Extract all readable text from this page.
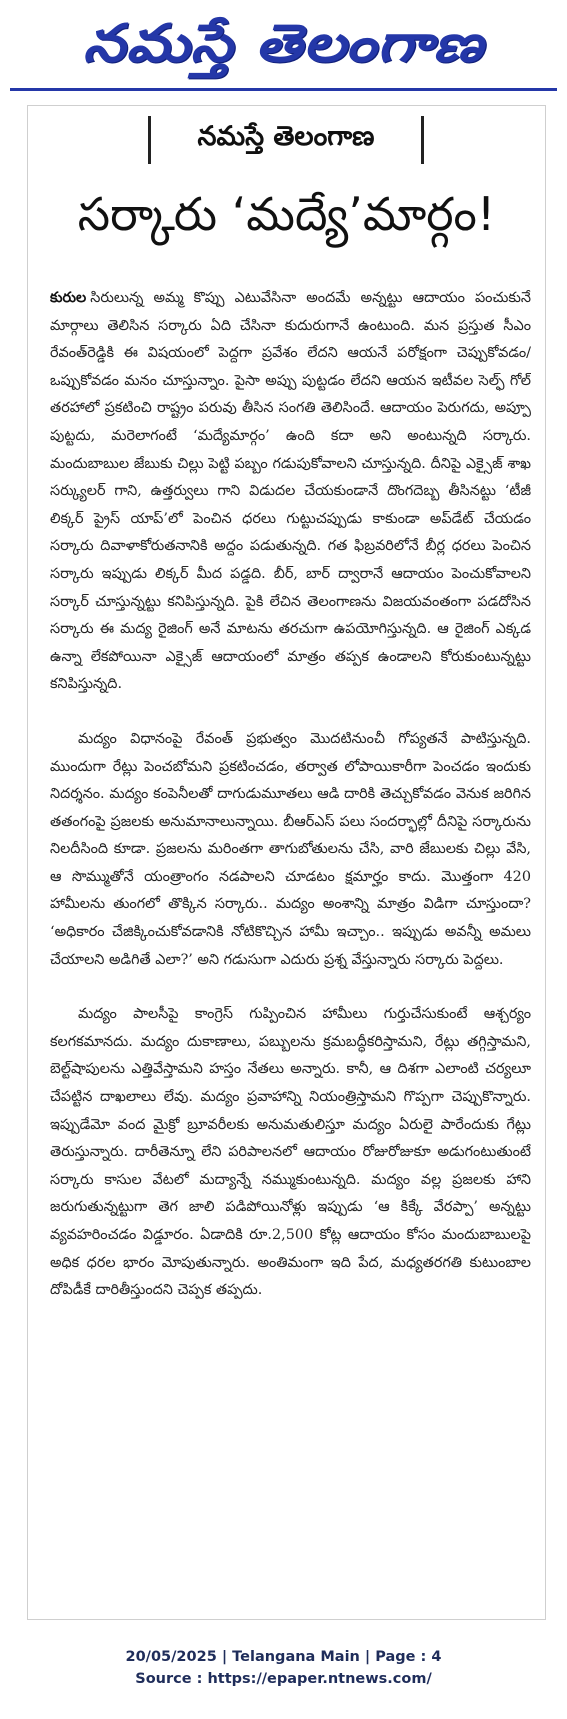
నమస్తే తెలంగాణ
నమస్తే తెలంగాణ
సర్కారు ‘మద్యే’మార్గం!

కురుల సిరులున్న అమ్మ కొప్పు ఎటువేసినా అందమే అన్నట్టు ఆదాయం పంచుకునే మార్గాలు తెలిసిన సర్కారు ఏది చేసినా కుదురుగానే ఉంటుంది. మన ప్రస్తుత సీఎం రేవంత్‌రెడ్డికి ఈ విషయంలో పెద్దగా ప్రవేశం లేదని ఆయనే పరోక్షంగా చెప్పుకోవడం/ఒప్పుకోవడం మనం చూస్తున్నాం. పైసా అప్పు పుట్టడం లేదని ఆయన ఇటీవల సెల్ఫ్ గోల్ తరహాలో ప్రకటించి రాష్ట్రం పరువు తీసిన సంగతి తెలిసిందే. ఆదాయం పెరుగదు, అప్పూ పుట్టదు, మరెలాగంటే ‘మద్యేమార్గం’ ఉంది కదా అని అంటున్నది సర్కారు. మందుబాబుల జేబుకు చిల్లు పెట్టి పబ్బం గడుపుకోవాలని చూస్తున్నది. దీనిపై ఎక్సైజ్ శాఖ సర్క్యులర్ గాని, ఉత్తర్వులు గాని విడుదల చేయకుండానే దొంగదెబ్బ తీసినట్టు ‘టీజీ లిక్కర్ ప్రైస్ యాప్’లో పెంచిన ధరలు గుట్టుచప్పుడు కాకుండా అప్‌డేట్ చేయడం సర్కారు దివాళాకోరుతనానికి అద్దం పడుతున్నది. గత ఫిబ్రవరిలోనే బీర్ల ధరలు పెంచిన సర్కారు ఇప్పుడు లిక్కర్ మీద పడ్డది. బీర్, బార్ ద్వారానే ఆదాయం పెంచుకోవాలని సర్కార్ చూస్తున్నట్టు కనిపిస్తున్నది. పైకి లేచిన తెలంగాణను విజయవంతంగా పడదోసిన సర్కారు ఈ మద్య రైజింగ్ అనే మాటను తరచుగా ఉపయోగిస్తున్నది. ఆ రైజింగ్ ఎక్కడ ఉన్నా లేకపోయినా ఎక్సైజ్ ఆదాయంలో మాత్రం తప్పక ఉండాలని కోరుకుంటున్నట్టు కనిపిస్తున్నది.

మద్యం విధానంపై రేవంత్ ప్రభుత్వం మొదటినుంచీ గోప్యతనే పాటిస్తున్నది. ముందుగా రేట్లు పెంచబోమని ప్రకటించడం, తర్వాత లోపాయికారీగా పెంచడం ఇందుకు నిదర్శనం. మద్యం కంపెనీలతో దాగుడుమూతలు ఆడి దారికి తెచ్చుకోవడం వెనుక జరిగిన తతంగంపై ప్రజలకు అనుమానాలున్నాయి. బీఆర్‌ఎస్ పలు సందర్భాల్లో దీనిపై సర్కారును నిలదీసింది కూడా. ప్రజలను మరింతగా తాగుబోతులను చేసి, వారి జేబులకు చిల్లు వేసి, ఆ సొమ్ముతోనే యంత్రాంగం నడపాలని చూడటం క్షమార్హం కాదు. మొత్తంగా 420 హామీలను తుంగలో తొక్కిన సర్కారు.. మద్యం అంశాన్ని మాత్రం విడిగా చూస్తుందా? ‘అధికారం చేజిక్కించుకోవడానికి నోటికొచ్చిన హామీ ఇచ్చాం.. ఇప్పుడు అవన్నీ అమలు చేయాలని అడిగితే ఎలా?’ అని గడుసుగా ఎదురు ప్రశ్న వేస్తున్నారు సర్కారు పెద్దలు.

మద్యం పాలసీపై కాంగ్రెస్ గుప్పించిన హామీలు గుర్తుచేసుకుంటే ఆశ్చర్యం కలగకమానదు. మద్యం దుకాణాలు, పబ్బులను క్రమబద్ధీకరిస్తామని, రేట్లు తగ్గిస్తామని, బెల్ట్‌షాపులను ఎత్తివేస్తామని హస్తం నేతలు అన్నారు. కానీ, ఆ దిశగా ఎలాంటి చర్యలూ చేపట్టిన దాఖలాలు లేవు. మద్యం ప్రవాహాన్ని నియంత్రిస్తామని గొప్పగా చెప్పుకొన్నారు. ఇప్పుడేమో వంద మైక్రో బ్రూవరీలకు అనుమతులిస్తూ మద్యం ఏరులై పారేందుకు గేట్లు తెరుస్తున్నారు. దారీతెన్నూ లేని పరిపాలనలో ఆదాయం రోజురోజుకూ అడుగంటుతుంటే సర్కారు కాసుల వేటలో మద్యాన్నే నమ్ముకుంటున్నది. మద్యం వల్ల ప్రజలకు హాని జరుగుతున్నట్టుగా తెగ జాలి పడిపోయినోళ్లు ఇప్పుడు ‘ఆ కిక్కే వేరప్పా’ అన్నట్టు వ్యవహరించడం విడ్డూరం. ఏడాదికి రూ.2,500 కోట్ల ఆదాయం కోసం మందుబాబులపై అధిక ధరల భారం మోపుతున్నారు. అంతిమంగా ఇది పేద, మధ్యతరగతి కుటుంబాల దోపిడీకే దారితీస్తుందని చెప్పక తప్పదు.

20/05/2025 | Telangana Main | Page : 4
Source : https://epaper.ntnews.com/
